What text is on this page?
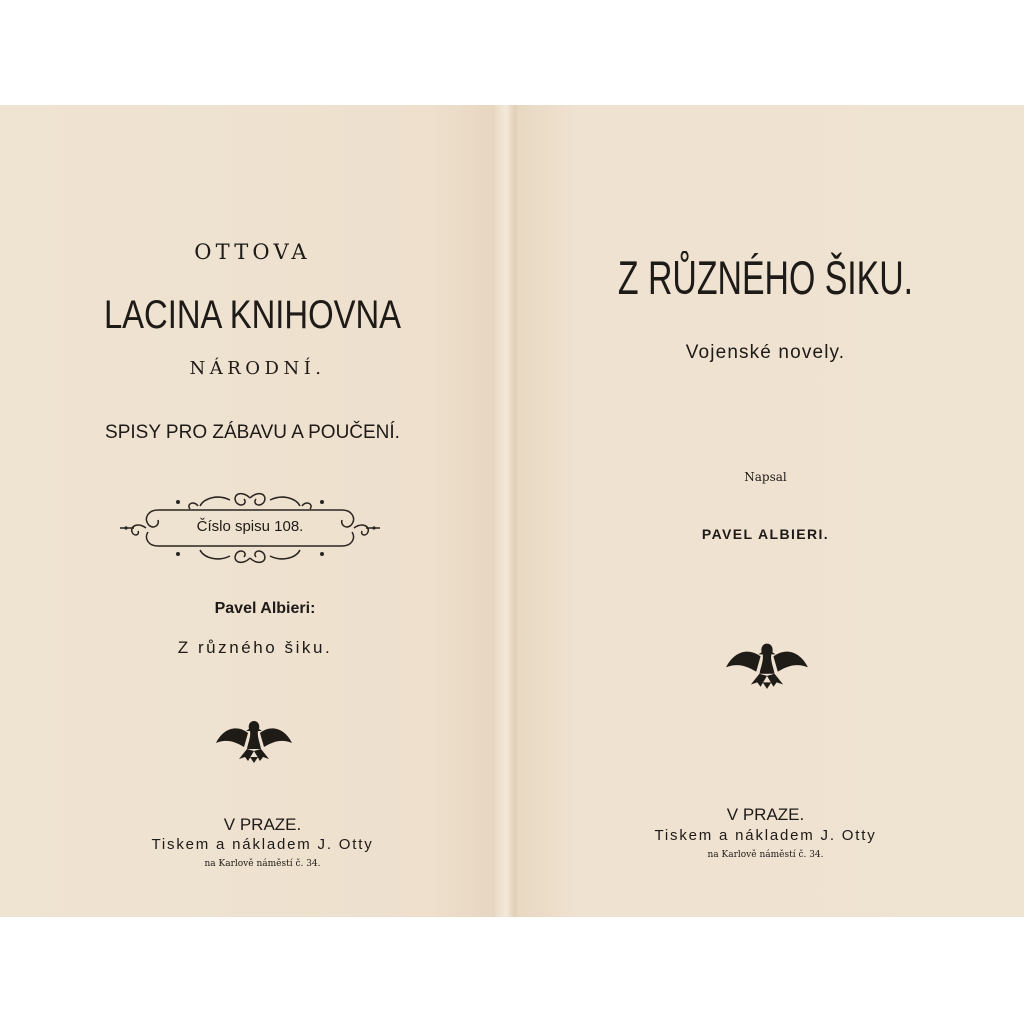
OTTOVA
LACINA KNIHOVNA
NÁRODNÍ.
SPISY PRO ZÁBAVU A POUČENÍ.
Číslo spisu 108.
Pavel Albieri:
Z různého šiku.
V PRAZE.
Tiskem a nákladem J. Otty
na Karlově náměstí č. 34.
Z RŮZNÉHO ŠIKU.
Vojenské novely.
Napsal
PAVEL ALBIERI.
V PRAZE.
Tiskem a nákladem J. Otty
na Karlově náměstí č. 34.
